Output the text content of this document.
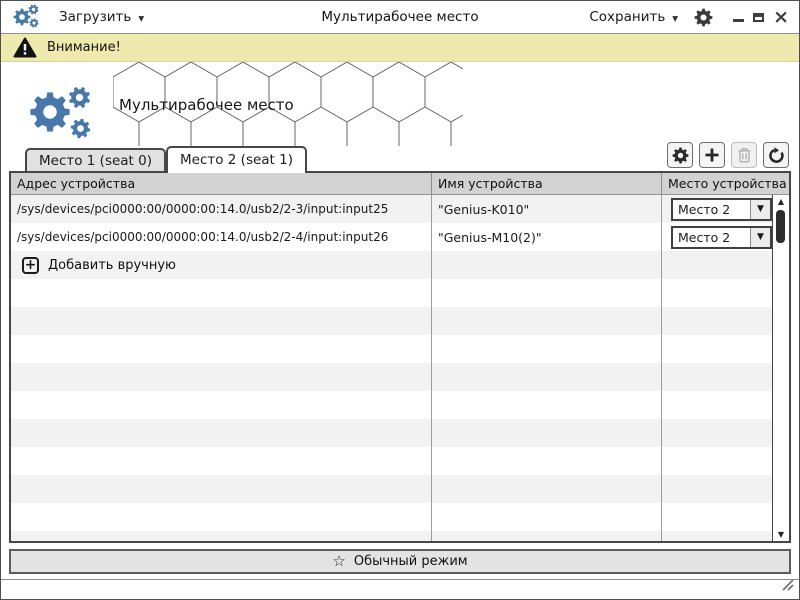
Загрузить ▼	Мультирабочее место	Сохранить ▼	×
Внимание!
Мультирабочее место
Место 1 (seat 0)	Место 2 (seat 1)
Адрес устройства	Имя устройства	Место устройства
/sys/devices/pci0000:00/0000:00:14.0/usb2/2-3/input:input25	"Genius-K010"	Место 2	▼
/sys/devices/pci0000:00/0000:00:14.0/usb2/2-4/input:input26	"Genius-M10(2)"	Место 2	▼
+ Добавить вручную
▲
▼
☆ Обычный режим
